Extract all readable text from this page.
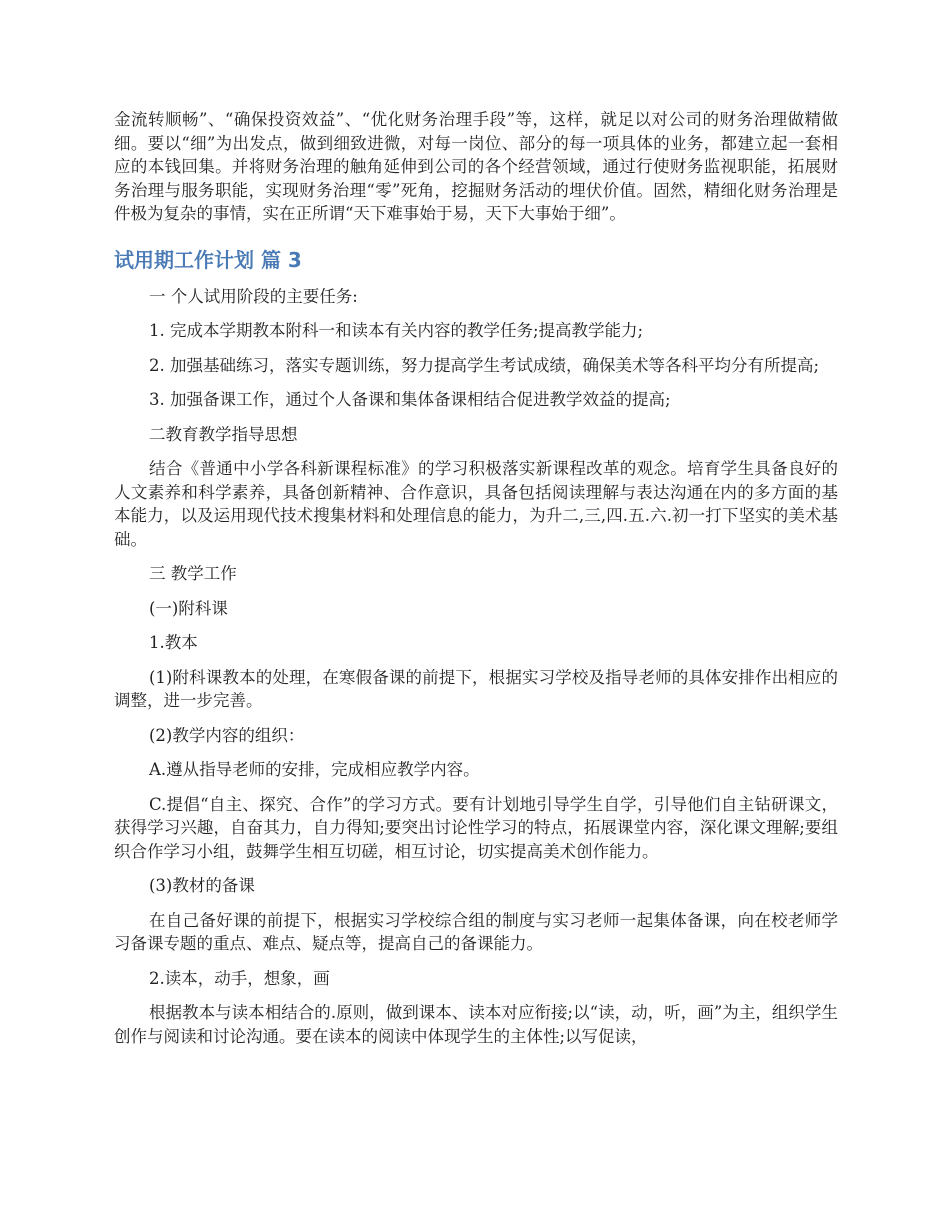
金流转顺畅”、“确保投资效益”、“优化财务治理手段”等，这样，就足以对公司的财务治理做精做细。要以“细”为出发点，做到细致进微，对每一岗位、部分的每一项具体的业务，都建立起一套相应的本钱回集。并将财务治理的触角延伸到公司的各个经营领域，通过行使财务监视职能，拓展财务治理与服务职能，实现财务治理“零”死角，挖掘财务活动的埋伏价值。固然，精细化财务治理是件极为复杂的事情，实在正所谓“天下难事始于易，天下大事始于细”。

试用期工作计划 篇 3

一 个人试用阶段的主要任务:

1. 完成本学期教本附科一和读本有关内容的教学任务;提高教学能力;

2. 加强基础练习，落实专题训练，努力提高学生考试成绩，确保美术等各科平均分有所提高;

3. 加强备课工作，通过个人备课和集体备课相结合促进教学效益的提高;

二教育教学指导思想

结合《普通中小学各科新课程标准》的学习积极落实新课程改革的观念。培育学生具备良好的人文素养和科学素养，具备创新精神、合作意识，具备包括阅读理解与表达沟通在内的多方面的基本能力，以及运用现代技术搜集材料和处理信息的能力，为升二,三,四.五.六.初一打下坚实的美术基础。

三 教学工作

(一)附科课

1.教本

(1)附科课教本的处理，在寒假备课的前提下，根据实习学校及指导老师的具体安排作出相应的调整，进一步完善。

(2)教学内容的组织：

A.遵从指导老师的安排，完成相应教学内容。

C.提倡“自主、探究、合作”的学习方式。要有计划地引导学生自学，引导他们自主钻研课文，获得学习兴趣，自奋其力，自力得知;要突出讨论性学习的特点，拓展课堂内容，深化课文理解;要组织合作学习小组，鼓舞学生相互切磋，相互讨论，切实提高美术创作能力。

(3)教材的备课

在自己备好课的前提下，根据实习学校综合组的制度与实习老师一起集体备课，向在校老师学习备课专题的重点、难点、疑点等，提高自己的备课能力。

2.读本，动手，想象，画

根据教本与读本相结合的.原则，做到课本、读本对应衔接;以“读，动，听，画”为主，组织学生创作与阅读和讨论沟通。要在读本的阅读中体现学生的主体性;以写促读，
